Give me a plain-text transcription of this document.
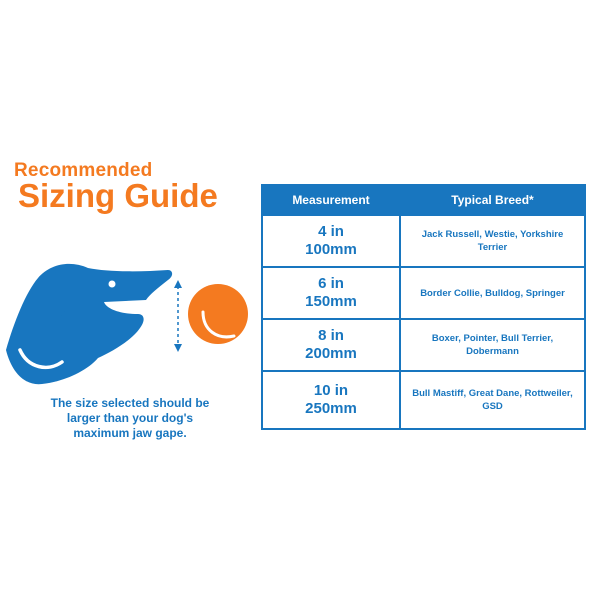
Recommended
Sizing Guide
The size selected should be larger than your dog's maximum jaw gape.
Measurement	Typical Breed*

4 in
100mm	Jack Russell, Westie, Yorkshire Terrier

6 in
150mm	Border Collie, Bulldog, Springer

8 in
200mm	Boxer, Pointer, Bull Terrier, Dobermann

10 in
250mm	Bull Mastiff, Great Dane, Rottweiler, GSD
